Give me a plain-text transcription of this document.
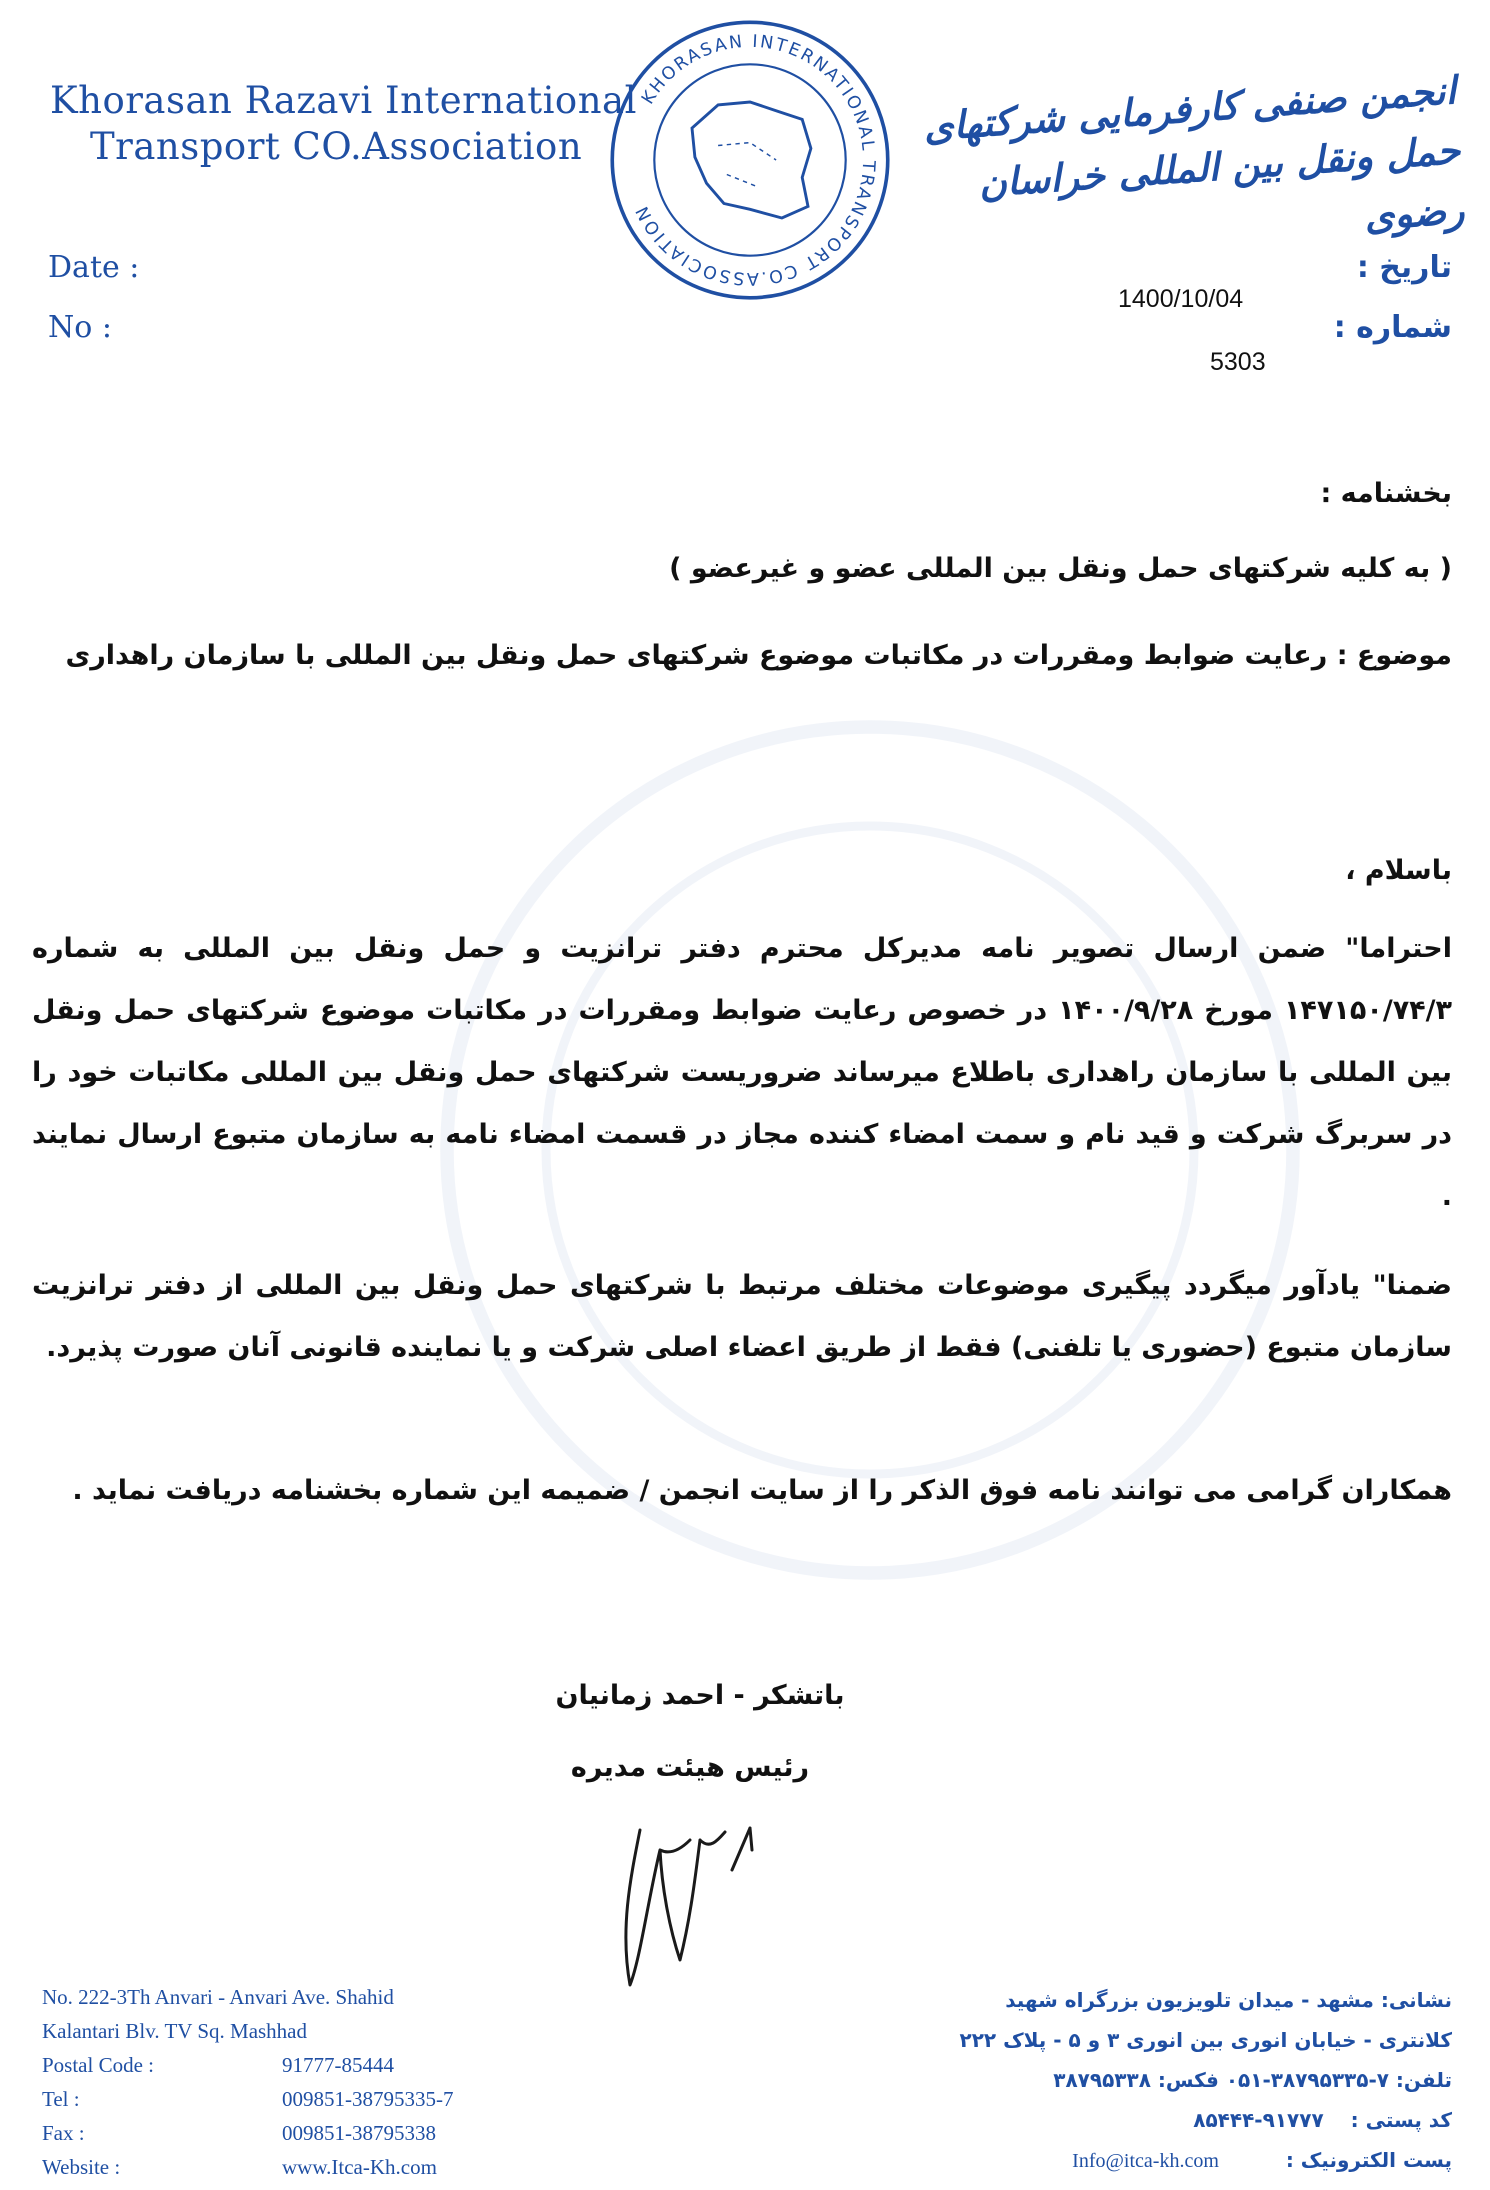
Khorasan Razavi International
Transport CO.Association
KHORASAN INTERNATIONAL TRANSPORT CO.ASSOCIATION
انجمن صنفی کارفرمایی شرکتهای حمل ونقل بین المللی خراسان رضوی
Date :
No :
تاریخ :
شماره :
1400/10/04
5303
بخشنامه :
( به کلیه شرکتهای حمل ونقل بین المللی عضو و غیرعضو )
موضوع : رعایت ضوابط ومقررات در مکاتبات موضوع شرکتهای حمل ونقل بین المللی با سازمان راهداری
باسلام ،
احتراما" ضمن ارسال تصویر نامه مدیرکل محترم دفتر ترانزیت و حمل ونقل بین المللی به شماره ۱۴۷۱۵۰/۷۴/۳ مورخ ۱۴۰۰/۹/۲۸ در خصوص رعایت ضوابط ومقررات در مکاتبات موضوع شرکتهای حمل ونقل بین المللی با سازمان راهداری باطلاع میرساند ضروریست شرکتهای حمل ونقل بین المللی مکاتبات خود را در سربرگ شرکت و قید نام و سمت امضاء کننده مجاز در قسمت امضاء نامه به سازمان متبوع ارسال نمایند .
ضمنا" یادآور میگردد پیگیری موضوعات مختلف مرتبط با شرکتهای حمل ونقل بین المللی از دفتر ترانزیت سازمان متبوع (حضوری یا تلفنی) فقط از طریق اعضاء اصلی شرکت و یا نماینده قانونی آنان صورت پذیرد.
همکاران گرامی می توانند نامه فوق الذکر را از سایت انجمن / ضمیمه این شماره بخشنامه دریافت نماید .
باتشکر - احمد زمانیان
رئیس هیئت مدیره
No. 222-3Th Anvari - Anvari Ave. Shahid
Kalantari Blv. TV Sq. Mashhad
Postal Code :	91777-85444
Tel :	009851-38795335-7
Fax :	009851-38795338
Website :	www.Itca-Kh.com
نشانی: مشهد - میدان تلویزیون بزرگراه شهید
کلانتری - خیابان انوری بین انوری ۳ و ۵ - پلاک ۲۲۲
تلفن: ۷-۳۸۷۹۵۳۳۵-۰۵۱ فکس: ۳۸۷۹۵۳۳۸
کد پستی : ۹۱۷۷۷-۸۵۴۴۴
پست الکترونیک : Info@itca-kh.com
